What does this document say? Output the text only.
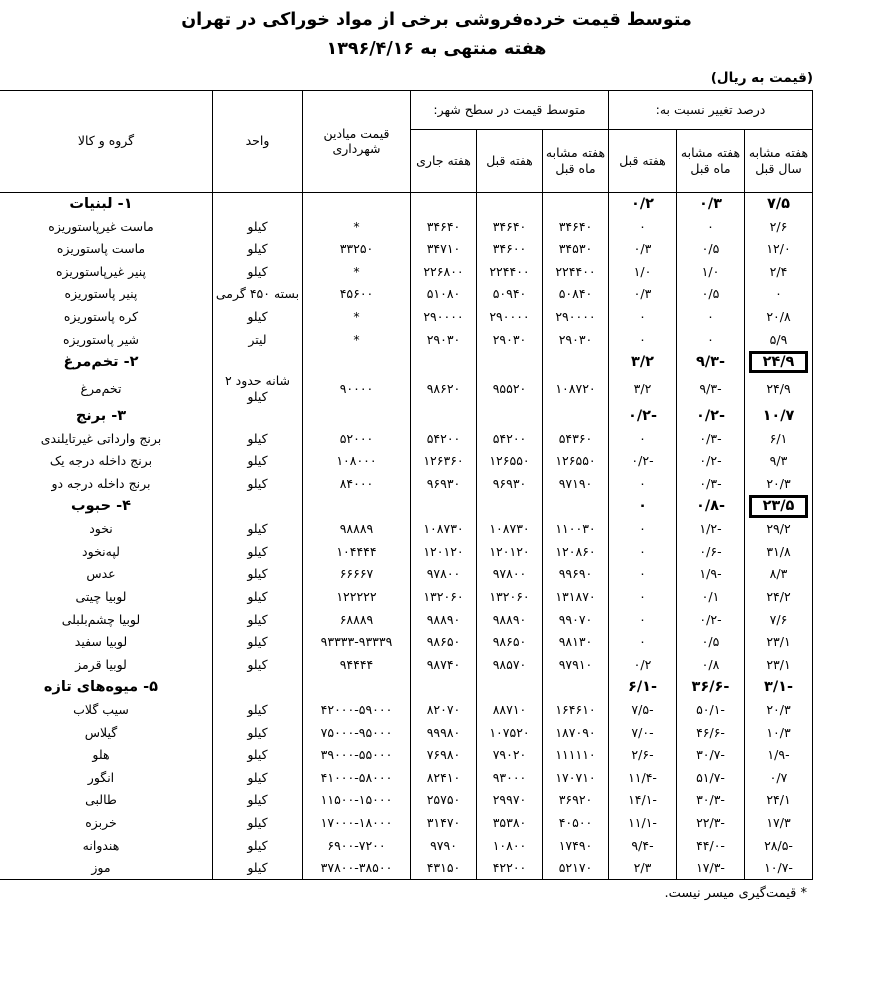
متوسط قیمت خرده‌فروشی برخی از مواد خوراکی در تهران
هفته منتهی به ۱۳۹۶/۴/۱۶
(قیمت به ریال)
درصد تغییر نسبت به:			متوسط قیمت در سطح شهر:			قیمت میادین شهرداری	واحد	گروه و کالا
هفته مشابه سال قبل	هفته مشابه ماه قبل	هفته قبل	هفته مشابه ماه قبل	هفته قبل	هفته جاری			
۷/۵	۰/۳	۰/۲						۱- لبنیات
۲/۶	۰	۰	۳۴۶۴۰	۳۴۶۴۰	۳۴۶۴۰	*	کیلو	ماست غیرپاستوریزه
۱۲/۰	۰/۵	۰/۳	۳۴۵۳۰	۳۴۶۰۰	۳۴۷۱۰	۳۳۲۵۰	کیلو	ماست پاستوریزه
۲/۴	۱/۰	۱/۰	۲۲۴۴۰۰	۲۲۴۴۰۰	۲۲۶۸۰۰	*	کیلو	پنیر غیرپاستوریزه
۰	۰/۵	۰/۳	۵۰۸۴۰	۵۰۹۴۰	۵۱۰۸۰	۴۵۶۰۰	بسته ۴۵۰ گرمی	پنیر پاستوریزه
۲۰/۸	۰	۰	۲۹۰۰۰۰	۲۹۰۰۰۰	۲۹۰۰۰۰	*	کیلو	کره پاستوریزه
۵/۹	۰	۰	۲۹۰۳۰	۲۹۰۳۰	۲۹۰۳۰	*	لیتر	شیر پاستوریزه
۲۴/۹	-۹/۳	۳/۲						۲- تخم‌مرغ
۲۴/۹	-۹/۳	۳/۲	۱۰۸۷۲۰	۹۵۵۲۰	۹۸۶۲۰	۹۰۰۰۰	شانه حدود ۲ کیلو	تخم‌مرغ
۱۰/۷	-۰/۲	-۰/۲						۳- برنج
۶/۱	-۰/۳	۰	۵۴۳۶۰	۵۴۲۰۰	۵۴۲۰۰	۵۲۰۰۰	کیلو	برنج وارداتی غیرتایلندی
۹/۳	-۰/۲	-۰/۲	۱۲۶۵۵۰	۱۲۶۵۵۰	۱۲۶۳۶۰	۱۰۸۰۰۰	کیلو	برنج داخله درجه یک
۲۰/۳	-۰/۳	۰	۹۷۱۹۰	۹۶۹۳۰	۹۶۹۳۰	۸۴۰۰۰	کیلو	برنج داخله درجه دو
۲۳/۵	-۰/۸	۰						۴- حبوب
۲۹/۲	-۱/۲	۰	۱۱۰۰۳۰	۱۰۸۷۳۰	۱۰۸۷۳۰	۹۸۸۸۹	کیلو	نخود
۳۱/۸	-۰/۶	۰	۱۲۰۸۶۰	۱۲۰۱۲۰	۱۲۰۱۲۰	۱۰۴۴۴۴	کیلو	لپه‌نخود
۸/۳	-۱/۹	۰	۹۹۶۹۰	۹۷۸۰۰	۹۷۸۰۰	۶۶۶۶۷	کیلو	عدس
۲۴/۲	۰/۱	۰	۱۳۱۸۷۰	۱۳۲۰۶۰	۱۳۲۰۶۰	۱۲۲۲۲۲	کیلو	لوبیا چیتی
۷/۶	-۰/۲	۰	۹۹۰۷۰	۹۸۸۹۰	۹۸۸۹۰	۶۸۸۸۹	کیلو	لوبیا چشم‌بلبلی
۲۳/۱	۰/۵	۰	۹۸۱۳۰	۹۸۶۵۰	۹۸۶۵۰	۹۳۳۳۳-۹۳۳۳۹	کیلو	لوبیا سفید
۲۳/۱	۰/۸	۰/۲	۹۷۹۱۰	۹۸۵۷۰	۹۸۷۴۰	۹۴۴۴۴	کیلو	لوبیا قرمز
-۳/۱	-۳۶/۶	-۶/۱						۵- میوه‌های تازه
۲۰/۳	-۵۰/۱	-۷/۵	۱۶۴۶۱۰	۸۸۷۱۰	۸۲۰۷۰	۴۲۰۰۰-۵۹۰۰۰	کیلو	سیب گلاب
۱۰/۳	-۴۶/۶	-۷/۰	۱۸۷۰۹۰	۱۰۷۵۲۰	۹۹۹۸۰	۷۵۰۰۰-۹۵۰۰۰	کیلو	گیلاس
-۱/۹	-۳۰/۷	-۲/۶	۱۱۱۱۱۰	۷۹۰۲۰	۷۶۹۸۰	۳۹۰۰۰-۵۵۰۰۰	کیلو	هلو
۰/۷	-۵۱/۷	-۱۱/۴	۱۷۰۷۱۰	۹۳۰۰۰	۸۲۴۱۰	۴۱۰۰۰-۵۸۰۰۰	کیلو	انگور
۲۴/۱	-۳۰/۳	-۱۴/۱	۳۶۹۲۰	۲۹۹۷۰	۲۵۷۵۰	۱۱۵۰۰-۱۵۰۰۰	کیلو	طالبی
۱۷/۳	-۲۲/۳	-۱۱/۱	۴۰۵۰۰	۳۵۳۸۰	۳۱۴۷۰	۱۷۰۰۰-۱۸۰۰۰	کیلو	خربزه
-۲۸/۵	-۴۴/۰	-۹/۴	۱۷۴۹۰	۱۰۸۰۰	۹۷۹۰	۶۹۰۰-۷۲۰۰	کیلو	هندوانه
-۱۰/۷	-۱۷/۳	۲/۳	۵۲۱۷۰	۴۲۲۰۰	۴۳۱۵۰	۳۷۸۰۰-۳۸۵۰۰	کیلو	موز
* قیمت‌گیری میسر نیست.
